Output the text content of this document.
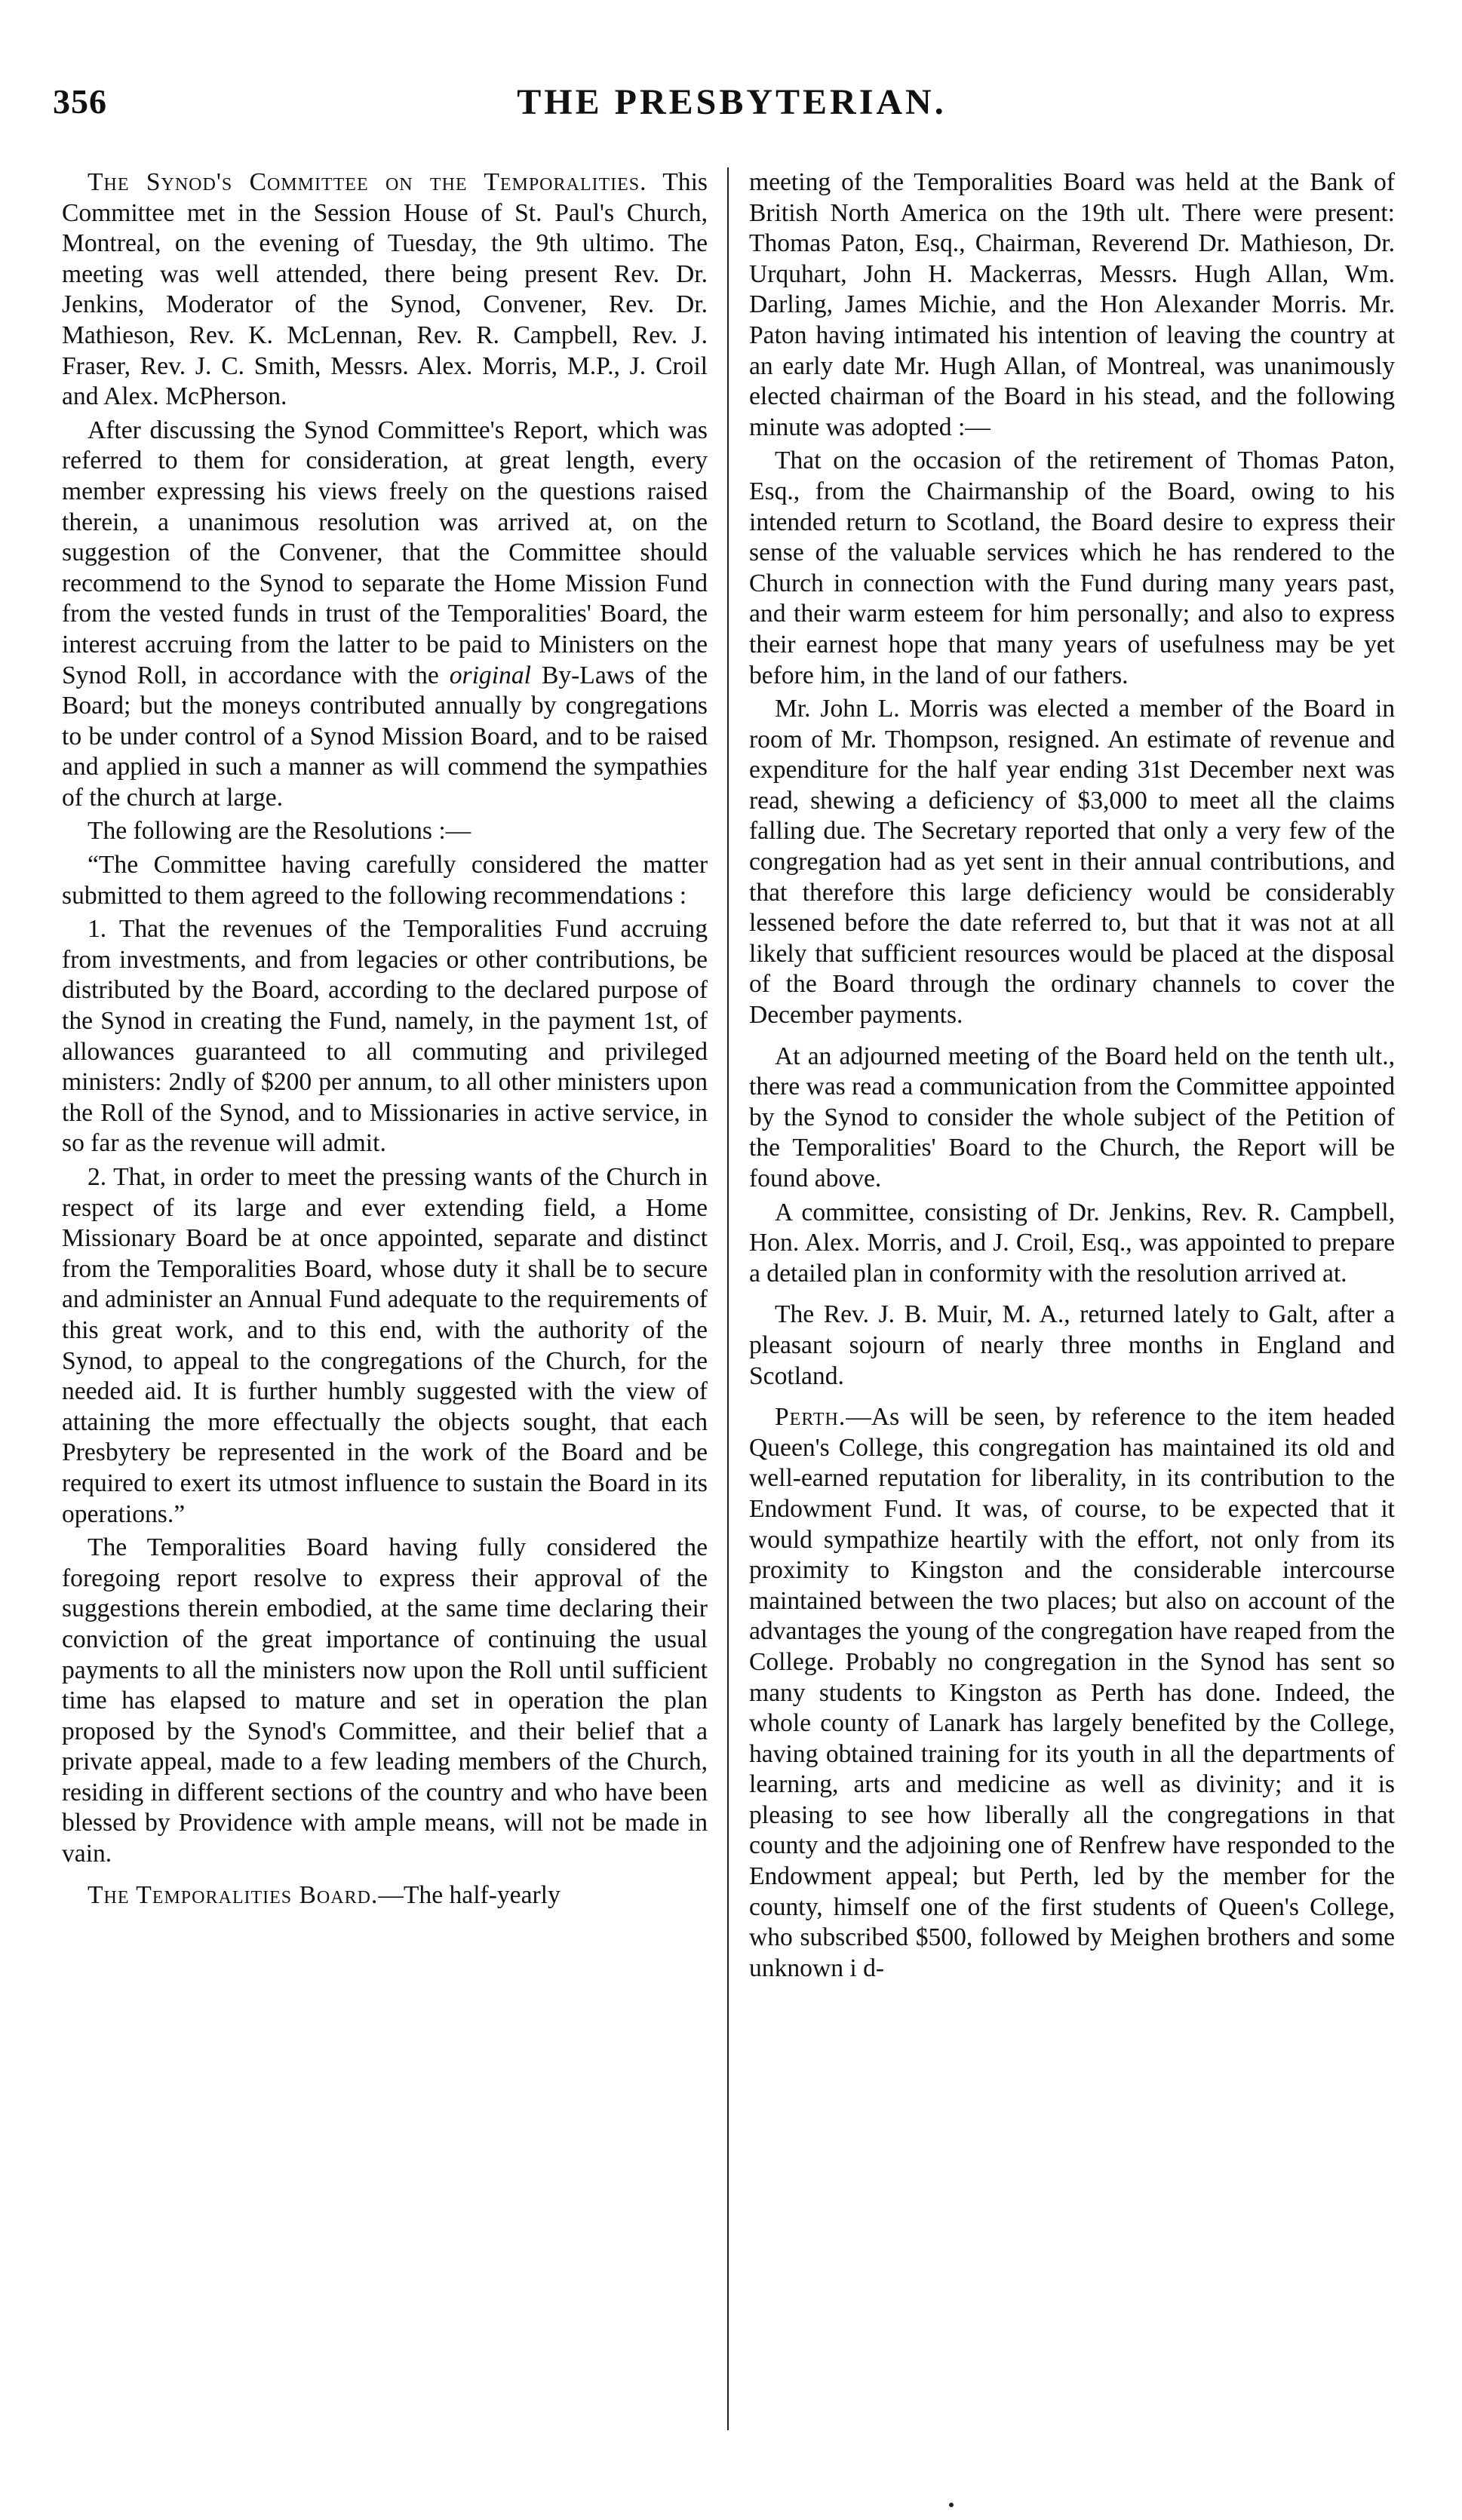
356	THE PRESBYTERIAN.

The Synod's Committee on the Temporalities. This Committee met in the Session House of St. Paul's Church, Montreal, on the evening of Tuesday, the 9th ultimo. The meeting was well attended, there being present Rev. Dr. Jenkins, Moderator of the Synod, Convener, Rev. Dr. Mathieson, Rev. K. McLennan, Rev. R. Campbell, Rev. J. Fraser, Rev. J. C. Smith, Messrs. Alex. Morris, M.P., J. Croil and Alex. McPherson.

After discussing the Synod Committee's Report, which was referred to them for consideration, at great length, every member expressing his views freely on the questions raised therein, a unanimous resolution was arrived at, on the suggestion of the Convener, that the Committee should recommend to the Synod to separate the Home Mission Fund from the vested funds in trust of the Temporalities' Board, the interest accruing from the latter to be paid to Ministers on the Synod Roll, in accordance with the original By-Laws of the Board; but the moneys contributed annually by congregations to be under control of a Synod Mission Board, and to be raised and applied in such a manner as will commend the sympathies of the church at large.

The following are the Resolutions :—

“The Committee having carefully considered the matter submitted to them agreed to the following recommendations :

1. That the revenues of the Temporalities Fund accruing from investments, and from legacies or other contributions, be distributed by the Board, according to the declared purpose of the Synod in creating the Fund, namely, in the payment 1st, of allowances guaranteed to all commuting and privileged ministers: 2ndly of $200 per annum, to all other ministers upon the Roll of the Synod, and to Missionaries in active service, in so far as the revenue will admit.

2. That, in order to meet the pressing wants of the Church in respect of its large and ever extending field, a Home Missionary Board be at once appointed, separate and distinct from the Temporalities Board, whose duty it shall be to secure and administer an Annual Fund adequate to the requirements of this great work, and to this end, with the authority of the Synod, to appeal to the congregations of the Church, for the needed aid. It is further humbly suggested with the view of attaining the more effectually the objects sought, that each Presbytery be represented in the work of the Board and be required to exert its utmost influence to sustain the Board in its operations.”

The Temporalities Board having fully considered the foregoing report resolve to express their approval of the suggestions therein embodied, at the same time declaring their conviction of the great importance of continuing the usual payments to all the ministers now upon the Roll until sufficient time has elapsed to mature and set in operation the plan proposed by the Synod's Committee, and their belief that a private appeal, made to a few leading members of the Church, residing in different sections of the country and who have been blessed by Providence with ample means, will not be made in vain.

The Temporalities Board.—The half-yearly

meeting of the Temporalities Board was held at the Bank of British North America on the 19th ult. There were present: Thomas Paton, Esq., Chairman, Reverend Dr. Mathieson, Dr. Urquhart, John H. Mackerras, Messrs. Hugh Allan, Wm. Darling, James Michie, and the Hon Alexander Morris. Mr. Paton having intimated his intention of leaving the country at an early date Mr. Hugh Allan, of Montreal, was unanimously elected chairman of the Board in his stead, and the following minute was adopted :—

That on the occasion of the retirement of Thomas Paton, Esq., from the Chairmanship of the Board, owing to his intended return to Scotland, the Board desire to express their sense of the valuable services which he has rendered to the Church in connection with the Fund during many years past, and their warm esteem for him personally; and also to express their earnest hope that many years of usefulness may be yet before him, in the land of our fathers.

Mr. John L. Morris was elected a member of the Board in room of Mr. Thompson, resigned. An estimate of revenue and expenditure for the half year ending 31st December next was read, shewing a deficiency of $3,000 to meet all the claims falling due. The Secretary reported that only a very few of the congregation had as yet sent in their annual contributions, and that therefore this large deficiency would be considerably lessened before the date referred to, but that it was not at all likely that sufficient resources would be placed at the disposal of the Board through the ordinary channels to cover the December payments.

At an adjourned meeting of the Board held on the tenth ult., there was read a communication from the Committee appointed by the Synod to consider the whole subject of the Petition of the Temporalities' Board to the Church, the Report will be found above.

A committee, consisting of Dr. Jenkins, Rev. R. Campbell, Hon. Alex. Morris, and J. Croil, Esq., was appointed to prepare a detailed plan in conformity with the resolution arrived at.

The Rev. J. B. Muir, M. A., returned lately to Galt, after a pleasant sojourn of nearly three months in England and Scotland.

Perth.—As will be seen, by reference to the item headed Queen's College, this congregation has maintained its old and well-earned reputation for liberality, in its contribution to the Endowment Fund. It was, of course, to be expected that it would sympathize heartily with the effort, not only from its proximity to Kingston and the considerable intercourse maintained between the two places; but also on account of the advantages the young of the congregation have reaped from the College. Probably no congregation in the Synod has sent so many students to Kingston as Perth has done. Indeed, the whole county of Lanark has largely benefited by the College, having obtained training for its youth in all the departments of learning, arts and medicine as well as divinity; and it is pleasing to see how liberally all the congregations in that county and the adjoining one of Renfrew have responded to the Endowment appeal; but Perth, led by the member for the county, himself one of the first students of Queen's College, who subscribed $500, followed by Meighen brothers and some unknown i d-
